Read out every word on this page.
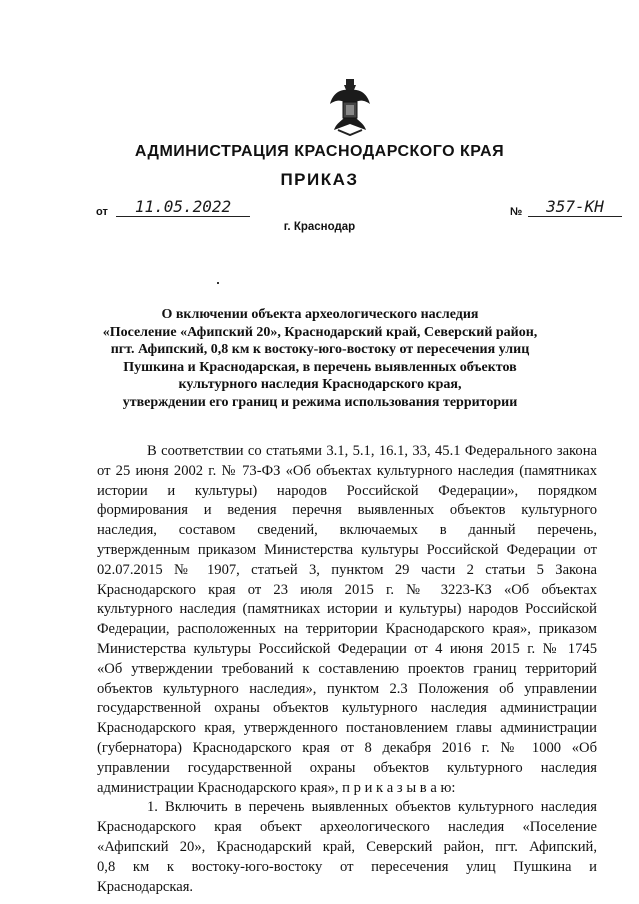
АДМИНИСТРАЦИЯ КРАСНОДАРСКОГО КРАЯ
ПРИКАЗ
от	11.05.2022	№	357-КН
г. Краснодар
О включении объекта археологического наследия
«Поселение «Афипский 20», Краснодарский край, Северский район,
пгт. Афипский, 0,8 км к востоку-юго-востоку от пересечения улиц
Пушкина и Краснодарская, в перечень выявленных объектов
культурного наследия Краснодарского края,
утверждении его границ и режима использования территории
В соответствии со статьями 3.1, 5.1, 16.1, 33, 45.1 Федерального закона
от 25 июня 2002 г. № 73-ФЗ «Об объектах культурного наследия (памятниках
истории и культуры) народов Российской Федерации», порядком
формирования и ведения перечня выявленных объектов культурного
наследия, составом сведений, включаемых в данный перечень,
утвержденным приказом Министерства культуры Российской Федерации от
02.07.2015 № 1907, статьей 3, пунктом 29 части 2 статьи 5 Закона
Краснодарского края от 23 июля 2015 г. № 3223-КЗ «Об объектах
культурного наследия (памятниках истории и культуры) народов Российской
Федерации, расположенных на территории Краснодарского края», приказом
Министерства культуры Российской Федерации от 4 июня 2015 г. № 1745
«Об утверждении требований к составлению проектов границ территорий
объектов культурного наследия», пунктом 2.3 Положения об управлении
государственной охраны объектов культурного наследия администрации
Краснодарского края, утвержденного постановлением главы администрации
(губернатора) Краснодарского края от 8 декабря 2016 г. № 1000 «Об
управлении государственной охраны объектов культурного наследия
администрации Краснодарского края», п р и к а з ы в а ю:
1. Включить в перечень выявленных объектов культурного наследия
Краснодарского края объект археологического наследия «Поселение
«Афипский 20», Краснодарский край, Северский район, пгт. Афипский,
0,8 км к востоку-юго-востоку от пересечения улиц Пушкина и
Краснодарская.
